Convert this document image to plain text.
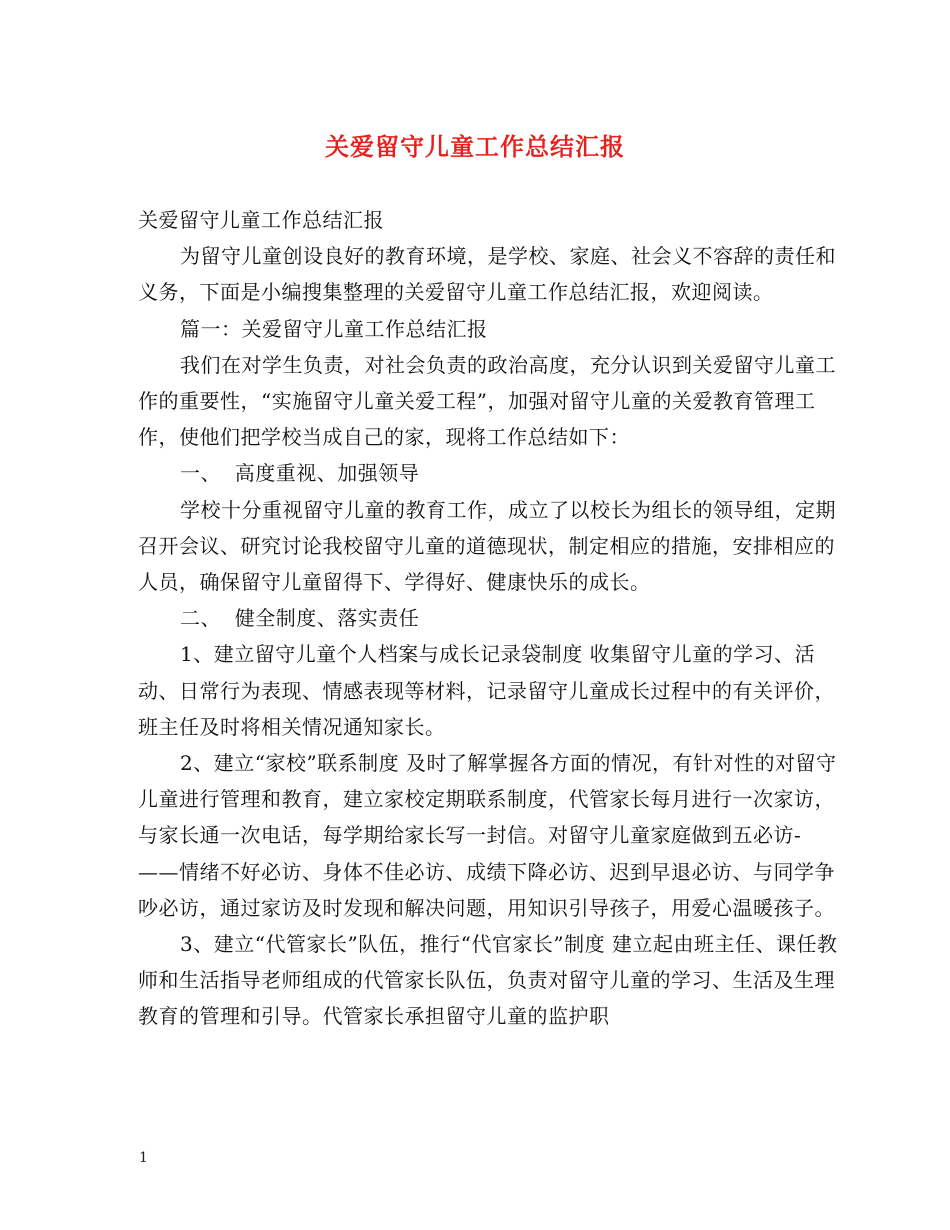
关爱留守儿童工作总结汇报

关爱留守儿童工作总结汇报

为留守儿童创设良好的教育环境，是学校、家庭、社会义不容辞的责任和义务，下面是小编搜集整理的关爱留守儿童工作总结汇报，欢迎阅读。

篇一：关爱留守儿童工作总结汇报

我们在对学生负责，对社会负责的政治高度，充分认识到关爱留守儿童工作的重要性，“实施留守儿童关爱工程”，加强对留守儿童的关爱教育管理工作，使他们把学校当成自己的家，现将工作总结如下：

一、  高度重视、加强领导

学校十分重视留守儿童的教育工作，成立了以校长为组长的领导组，定期召开会议、研究讨论我校留守儿童的道德现状，制定相应的措施，安排相应的人员，确保留守儿童留得下、学得好、健康快乐的成长。

二、  健全制度、落实责任

1、建立留守儿童个人档案与成长记录袋制度 收集留守儿童的学习、活动、日常行为表现、情感表现等材料，记录留守儿童成长过程中的有关评价，班主任及时将相关情况通知家长。

2、建立“家校”联系制度 及时了解掌握各方面的情况，有针对性的对留守儿童进行管理和教育，建立家校定期联系制度，代管家长每月进行一次家访，与家长通一次电话，每学期给家长写一封信。对留守儿童家庭做到五必访-——情绪不好必访、身体不佳必访、成绩下降必访、迟到早退必访、与同学争吵必访，通过家访及时发现和解决问题，用知识引导孩子，用爱心温暖孩子。

3、建立“代管家长”队伍，推行“代官家长”制度 建立起由班主任、课任教师和生活指导老师组成的代管家长队伍，负责对留守儿童的学习、生活及生理教育的管理和引导。代管家长承担留守儿童的监护职

1
